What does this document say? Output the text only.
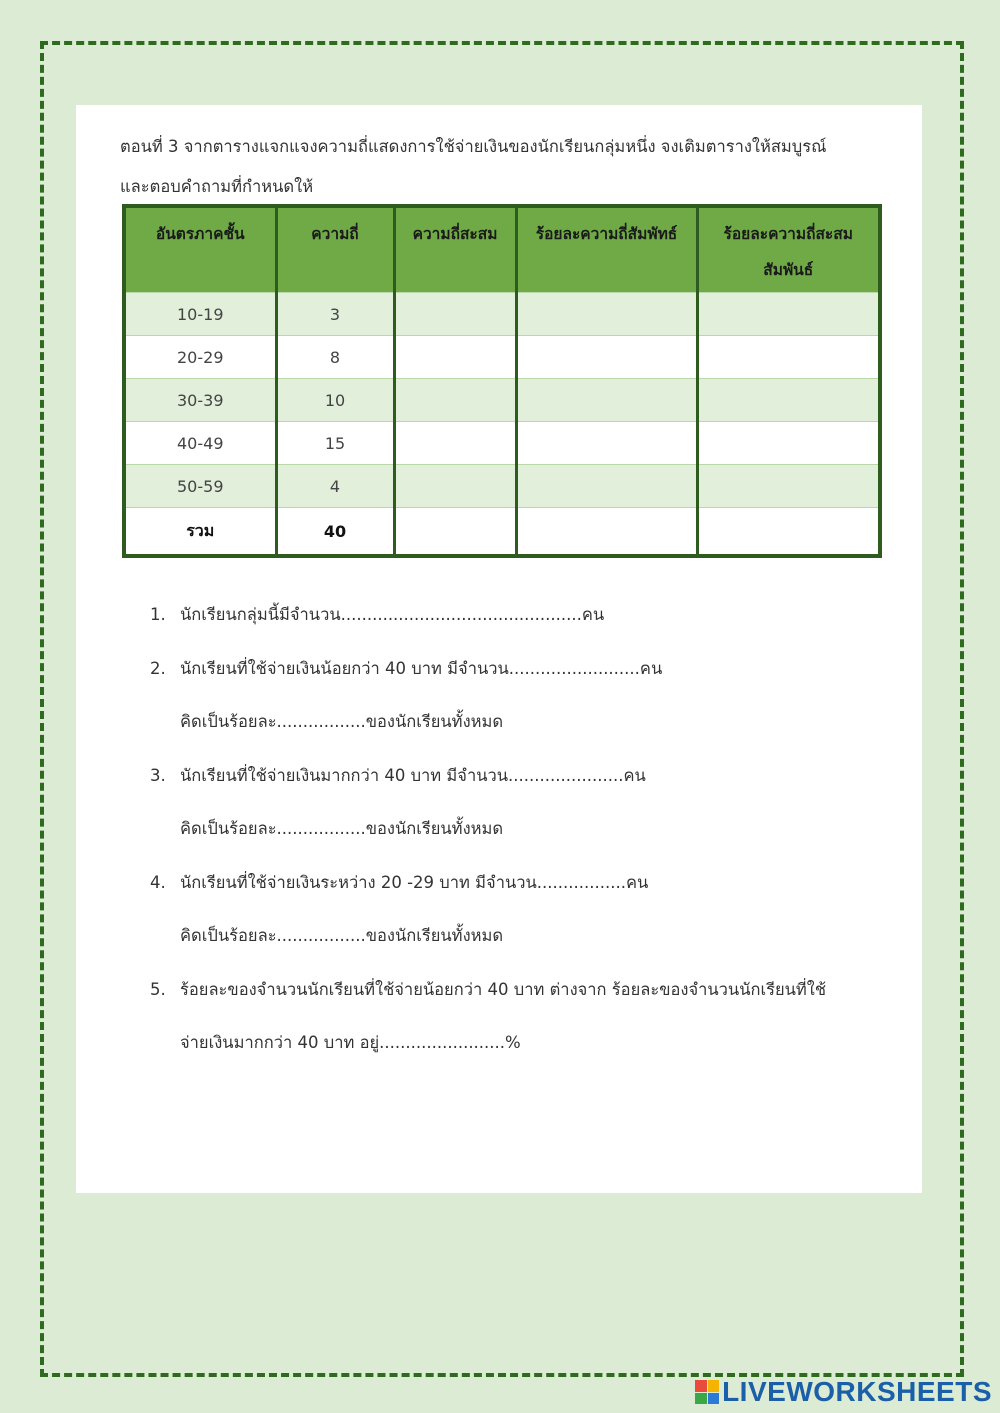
ตอนที่ 3 จากตารางแจกแจงความถี่แสดงการใช้จ่ายเงินของนักเรียนกลุ่มหนึ่ง จงเติมตารางให้สมบูรณ์
และตอบคำถามที่กำหนดให้
อันตรภาคชั้น	ความถี่	ความถี่สะสม	ร้อยละความถี่สัมพัทธ์	ร้อยละความถี่สะสมสัมพันธ์
10-19	3			
20-29	8			
30-39	10			
40-49	15			
50-59	4			
รวม	40			
1. นักเรียนกลุ่มนี้มีจำนวน..............................................คน
2. นักเรียนที่ใช้จ่ายเงินน้อยกว่า 40 บาท มีจำนวน.........................คน
คิดเป็นร้อยละ.................ของนักเรียนทั้งหมด
3. นักเรียนที่ใช้จ่ายเงินมากกว่า 40 บาท มีจำนวน......................คน
คิดเป็นร้อยละ.................ของนักเรียนทั้งหมด
4. นักเรียนที่ใช้จ่ายเงินระหว่าง 20 -29 บาท มีจำนวน.................คน
คิดเป็นร้อยละ.................ของนักเรียนทั้งหมด
5. ร้อยละของจำนวนนักเรียนที่ใช้จ่ายน้อยกว่า 40 บาท ต่างจาก ร้อยละของจำนวนนักเรียนที่ใช้
จ่ายเงินมากกว่า 40 บาท อยู่........................%
LIVEWORKSHEETS
